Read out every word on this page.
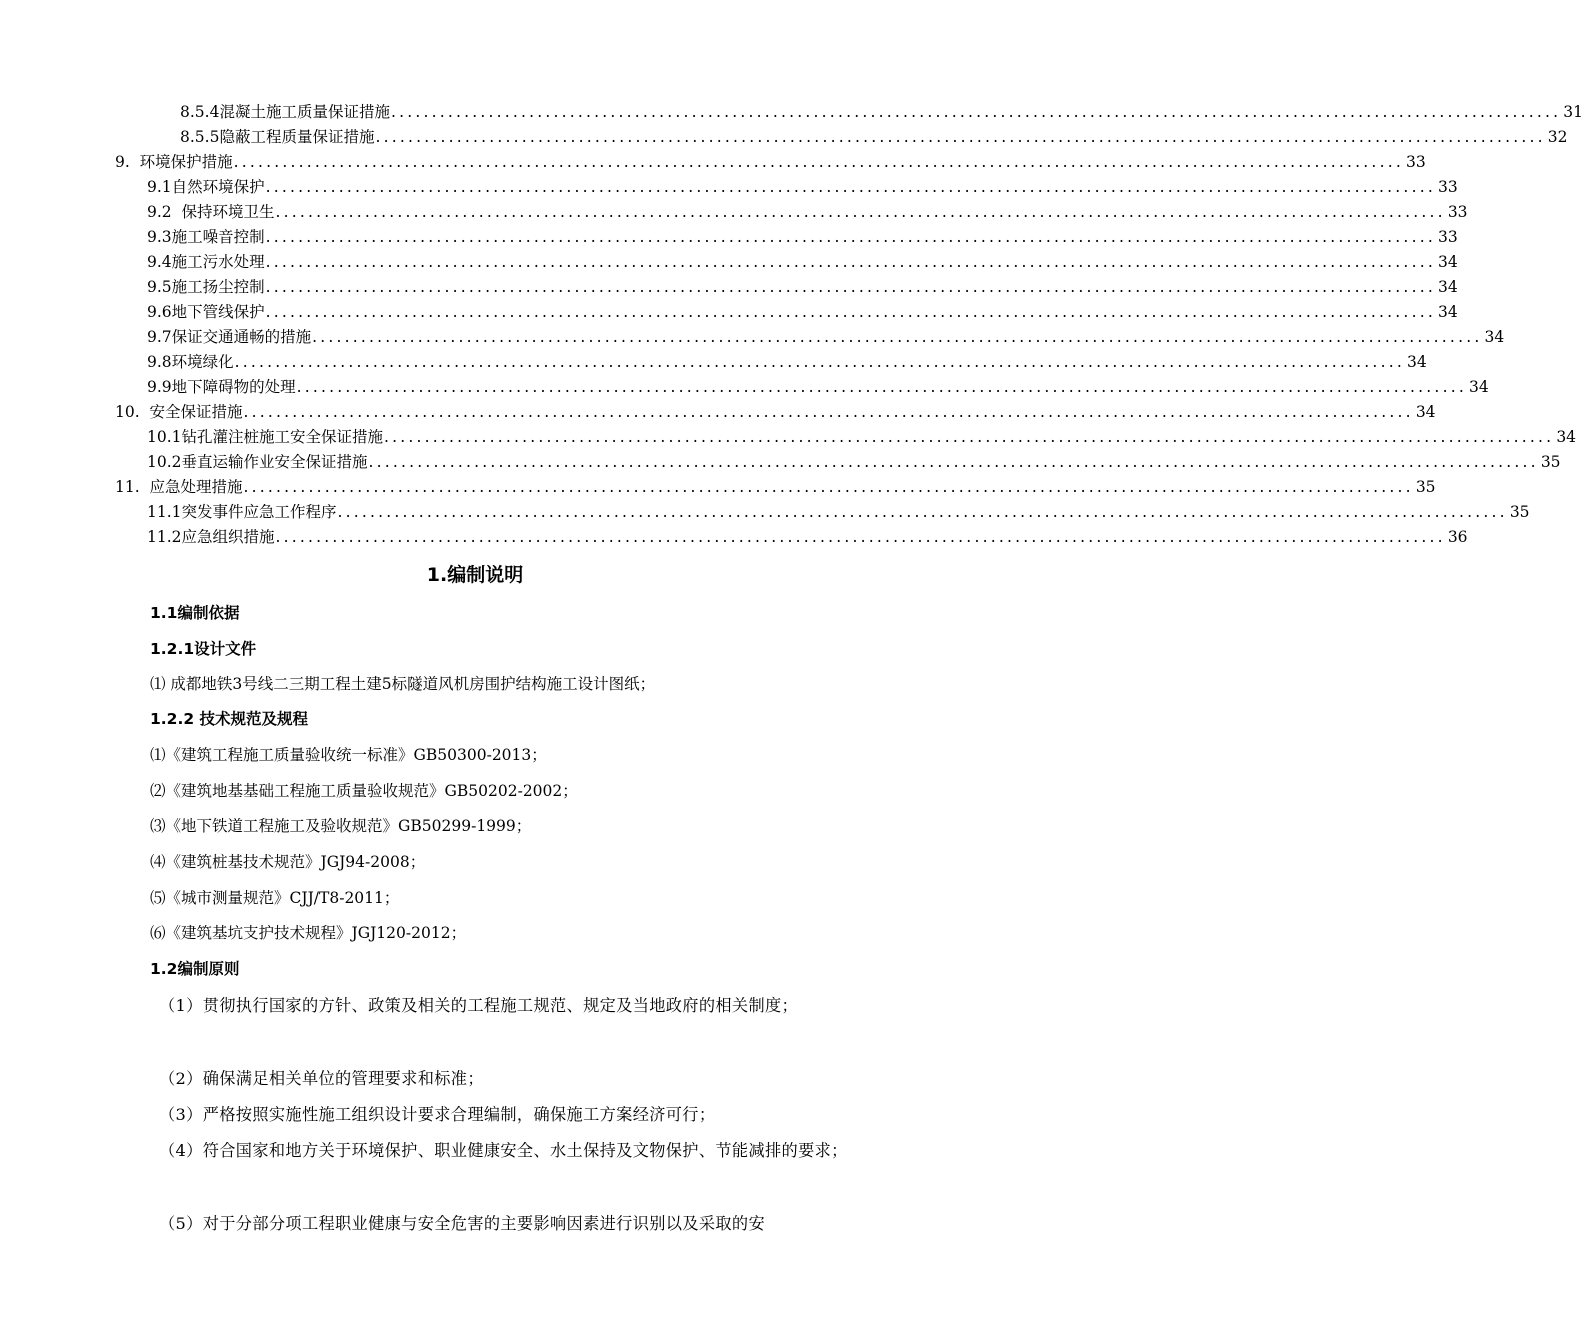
8.5.4混凝土施工质量保证措施 ................................................................................................................................................ 31
8.5.5隐蔽工程质量保证措施 ................................................................................................................................................ 32
9.  环境保护措施 ................................................................................................................................................ 33
9.1自然环境保护 ................................................................................................................................................ 33
9.2  保持环境卫生 ................................................................................................................................................ 33
9.3施工噪音控制 ................................................................................................................................................ 33
9.4施工污水处理 ................................................................................................................................................ 34
9.5施工扬尘控制 ................................................................................................................................................ 34
9.6地下管线保护 ................................................................................................................................................ 34
9.7保证交通通畅的措施 ................................................................................................................................................ 34
9.8环境绿化 ................................................................................................................................................ 34
9.9地下障碍物的处理 ................................................................................................................................................ 34
10.  安全保证措施 ................................................................................................................................................ 34
10.1钻孔灌注桩施工安全保证措施 ................................................................................................................................................ 34
10.2垂直运输作业安全保证措施 ................................................................................................................................................ 35
11.  应急处理措施 ................................................................................................................................................ 35
11.1突发事件应急工作程序 ................................................................................................................................................ 35
11.2应急组织措施 ................................................................................................................................................ 36
1.编制说明
1.1编制依据
1.2.1设计文件
⑴ 成都地铁3号线二三期工程土建5标隧道风机房围护结构施工设计图纸；
1.2.2 技术规范及规程
⑴《建筑工程施工质量验收统一标准》GB50300-2013；
⑵《建筑地基基础工程施工质量验收规范》GB50202-2002；
⑶《地下铁道工程施工及验收规范》GB50299-1999；
⑷《建筑桩基技术规范》JGJ94-2008；
⑸《城市测量规范》CJJ/T8-2011；
⑹《建筑基坑支护技术规程》JGJ120-2012；
1.2编制原则
（1）贯彻执行国家的方针、政策及相关的工程施工规范、规定及当地政府的相关制度；
（2）确保满足相关单位的管理要求和标准；
（3）严格按照实施性施工组织设计要求合理编制，确保施工方案经济可行；
（4）符合国家和地方关于环境保护、职业健康安全、水土保持及文物保护、节能减排的要求；
（5）对于分部分项工程职业健康与安全危害的主要影响因素进行识别以及采取的安
